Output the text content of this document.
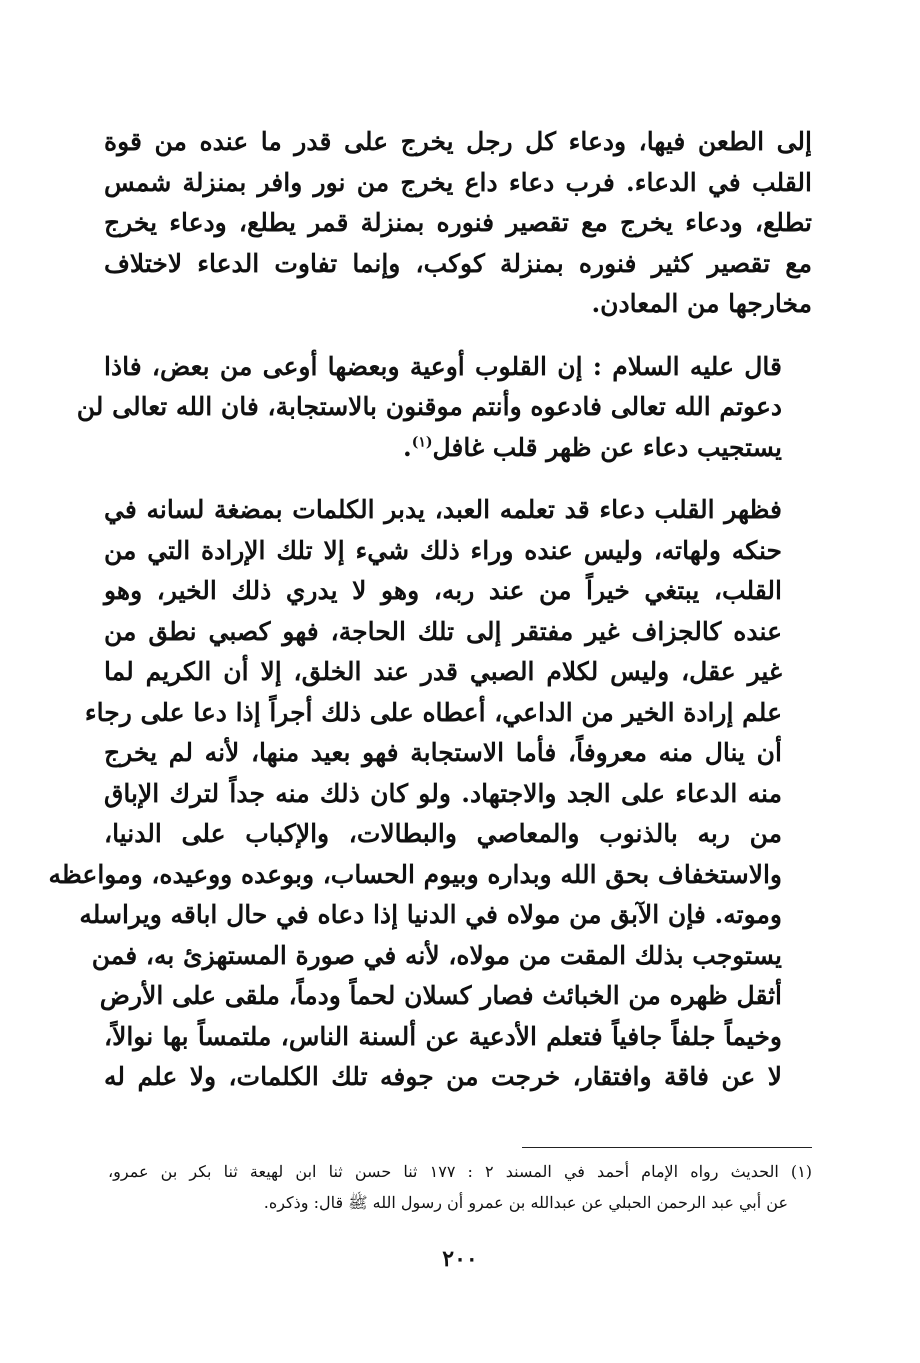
إلى الطعن فيها، ودعاء كل رجل يخرج على قدر ما عنده من قوة
القلب في الدعاء. فرب دعاء داع يخرج من نور وافر بمنزلة شمس
تطلع، ودعاء يخرج مع تقصير فنوره بمنزلة قمر يطلع، ودعاء يخرج
مع تقصير كثير فنوره بمنزلة كوكب، وإنما تفاوت الدعاء لاختلاف
مخارجها من المعادن.

قال عليه السلام : إن القلوب أوعية وبعضها أوعى من بعض، فاذا
دعوتم الله تعالى فادعوه وأنتم موقنون بالاستجابة، فان الله تعالى لن
يستجيب دعاء عن ظهر قلب غافل$^{(١)}$.

فظهر القلب دعاء قد تعلمه العبد، يدبر الكلمات بمضغة لسانه في
حنكه ولهاته، وليس عنده وراء ذلك شيء إلا تلك الإرادة التي من
القلب، يبتغي خيراً من عند ربه، وهو لا يدري ذلك الخير، وهو
عنده كالجزاف غير مفتقر إلى تلك الحاجة، فهو كصبي نطق من
غير عقل، وليس لكلام الصبي قدر عند الخلق، إلا أن الكريم لما
علم إرادة الخير من الداعي، أعطاه على ذلك أجراً إذا دعا على رجاء
أن ينال منه معروفاً، فأما الاستجابة فهو بعيد منها، لأنه لم يخرج
منه الدعاء على الجد والاجتهاد. ولو كان ذلك منه جداً لترك الإباق
من ربه بالذنوب والمعاصي والبطالات، والإكباب على الدنيا،
والاستخفاف بحق الله وبداره وبيوم الحساب، وبوعده ووعيده، ومواعظه
وموته. فإن الآبق من مولاه في الدنيا إذا دعاه في حال اباقه ويراسله
يستوجب بذلك المقت من مولاه، لأنه في صورة المستهزئ به، فمن
أثقل ظهره من الخبائث فصار كسلان لحماً ودماً، ملقى على الأرض
وخيماً جلفاً جافياً فتعلم الأدعية عن ألسنة الناس، ملتمساً بها نوالاً،
لا عن فاقة وافتقار، خرجت من جوفه تلك الكلمات، ولا علم له

(١) الحديث رواه الإمام أحمد في المسند ٢ : ١٧٧ ثنا حسن ثنا ابن لهيعة ثنا بكر بن عمرو،
عن أبي عبد الرحمن الحبلي عن عبدالله بن عمرو أن رسول الله ﷺ قال: وذكره.
٢٠٠
